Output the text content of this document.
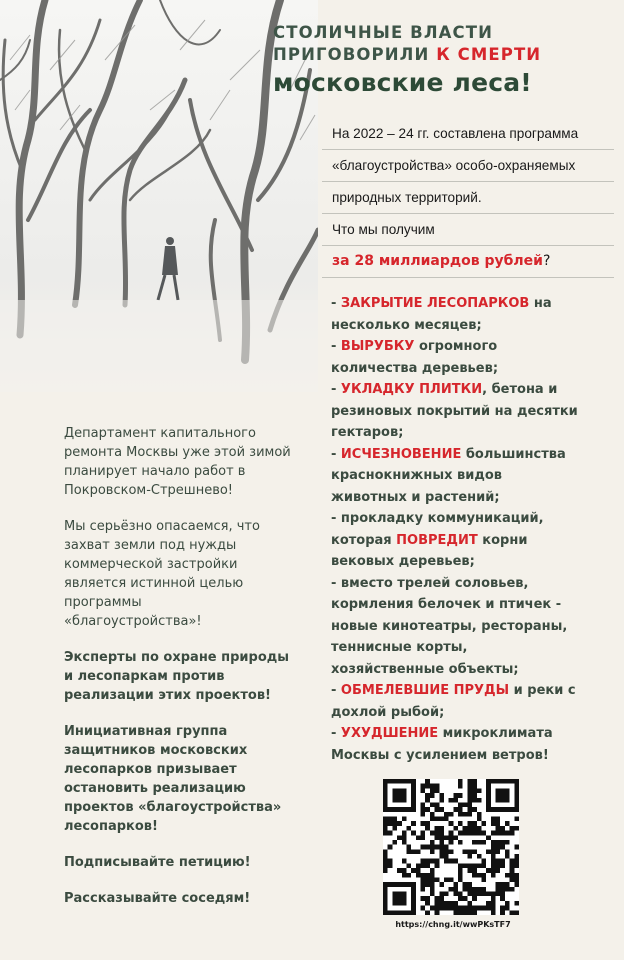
СТОЛИЧНЫЕ ВЛАСТИ
ПРИГОВОРИЛИ К СМЕРТИ
московские леса!
На 2022 – 24 гг. составлена программа
«благоустройства» особо-охраняемых
природных территорий.
Что мы получим
за 28 миллиардов рублей?
- ЗАКРЫТИЕ ЛЕСОПАРКОВ на
несколько месяцев;
- ВЫРУБКУ огромного
количества деревьев;
- УКЛАДКУ ПЛИТКИ, бетона и
резиновых покрытий на десятки
гектаров;
- ИСЧЕЗНОВЕНИЕ большинства
краснокнижных видов
животных и растений;
- прокладку коммуникаций,
которая ПОВРЕДИТ корни
вековых деревьев;
- вместо трелей соловьев,
кормления белочек и птичек -
новые кинотеатры, рестораны,
теннисные корты,
хозяйственные объекты;
- ОБМЕЛЕВШИЕ ПРУДЫ и реки с
дохлой рыбой;
- УХУДШЕНИЕ микроклимата
Москвы с усилением ветров!
Департамент капитального
ремонта Москвы уже этой зимой
планирует начало работ в
Покровском-Стрешнево!
Мы серьёзно опасаемся, что
захват земли под нужды
коммерческой застройки
является истинной целью
программы
«благоустройства»!
Эксперты по охране природы
и лесопаркам против
реализации этих проектов!
Инициативная группа
защитников московских
лесопарков призывает
остановить реализацию
проектов «благоустройства»
лесопарков!
Подписывайте петицию!
Рассказывайте соседям!
https://chng.it/wwPKsTF7
